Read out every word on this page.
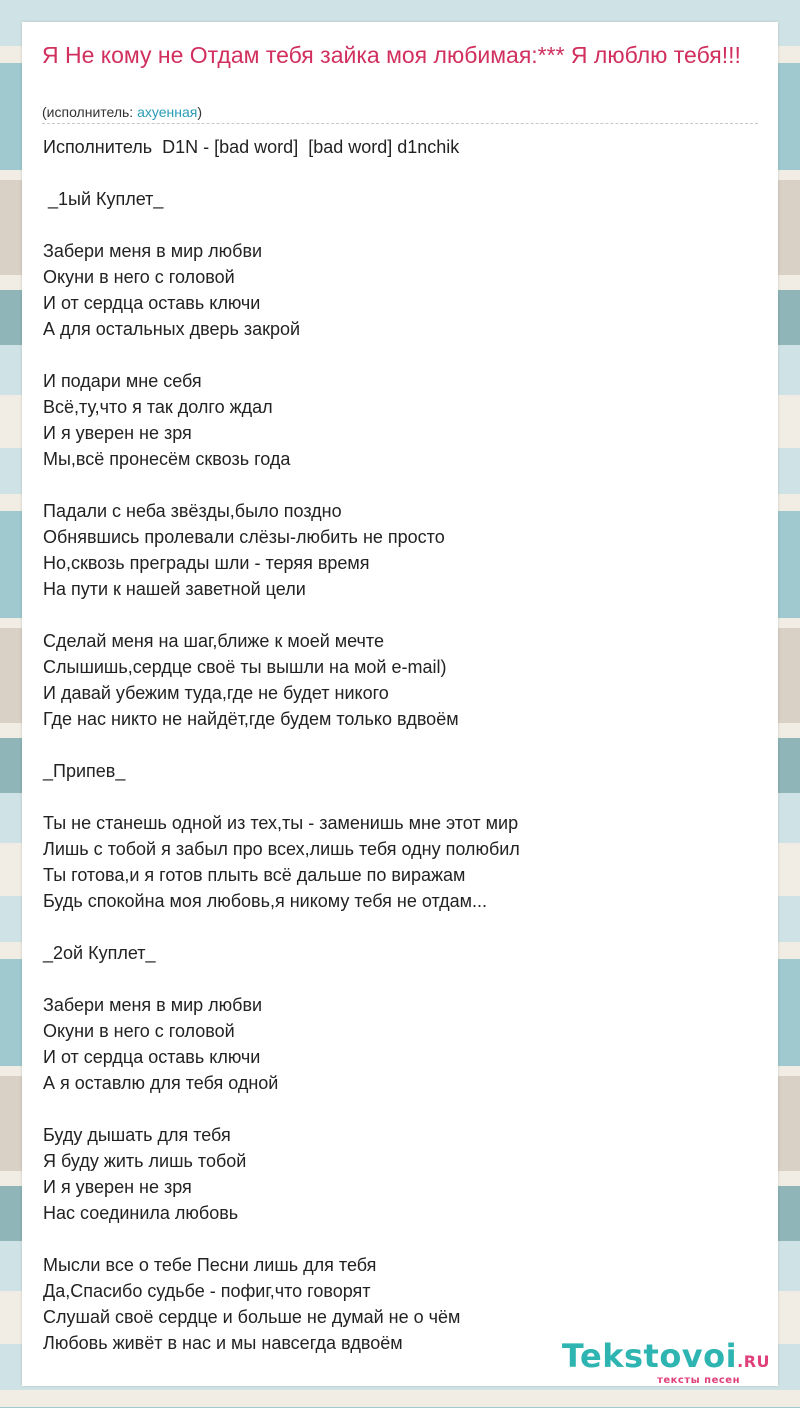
Я Не кому не Отдам тебя зайка моя любимая:*** Я люблю тебя!!!
(исполнитель: ахуенная)
Исполнитель  D1N - [bad word]  [bad word] d1nchik
_1ый Куплет_
Забери меня в мир любви
Окуни в него с головой
И от сердца оставь ключи
А для остальных дверь закрой
И подари мне себя
Всё,ту,что я так долго ждал
И я уверен не зря
Мы,всё пронесём сквозь года
Падали с неба звёзды,было поздно
Обнявшись пролевали слёзы-любить не просто
Но,сквозь преграды шли - теряя время
На пути к нашей заветной цели
Сделай меня на шаг,ближе к моей мечте
Слышишь,сердце своё ты вышли на мой e-mail)
И давай убежим туда,где не будет никого
Где нас никто не найдёт,где будем только вдвоём
_Припев_
Ты не станешь одной из тех,ты - заменишь мне этот мир
Лишь с тобой я забыл про всех,лишь тебя одну полюбил
Ты готова,и я готов плыть всё дальше по виражам
Будь спокойна моя любовь,я никому тебя не отдам...
_2ой Куплет_
Забери меня в мир любви
Окуни в него с головой
И от сердца оставь ключи
А я оставлю для тебя одной
Буду дышать для тебя
Я буду жить лишь тобой
И я уверен не зря
Нас соединила любовь
Мысли все о тебе Песни лишь для тебя
Да,Спасибо судьбе - пофиг,что говорят
Слушай своё сердце и больше не думай не о чём
Любовь живёт в нас и мы навсегда вдвоём	Tekstovoi.RU
тексты песен
